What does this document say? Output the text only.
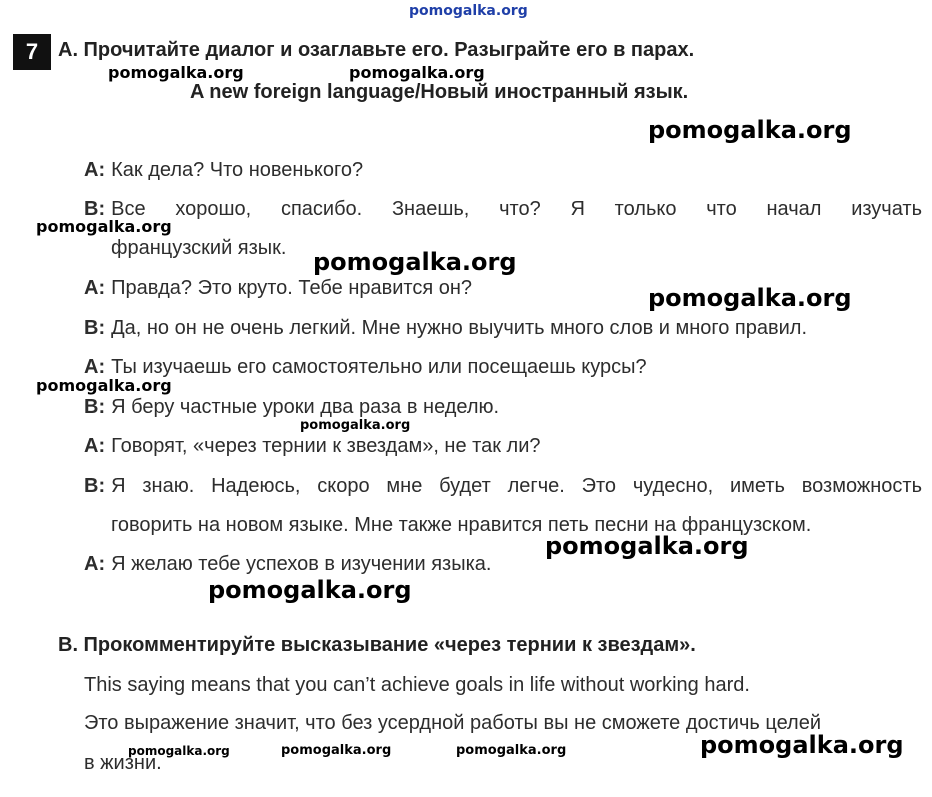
pomogalka.org
7 A. Прочитайте диалог и озаглавьте его. Разыграйте его в парах.
pomogalka.org	pomogalka.org
A new foreign language/Новый иностранный язык.
pomogalka.org
A: Как дела? Что новенького?
B: Все хорошо, спасибо. Знаешь, что? Я только что начал изучать
pomogalka.org
французский язык. pomogalka.org
A: Правда? Это круто. Тебе нравится он?	pomogalka.org
B: Да, но он не очень легкий. Мне нужно выучить много слов и много правил.
A: Ты изучаешь его самостоятельно или посещаешь курсы?
pomogalka.org
B: Я беру частные уроки два раза в неделю.
pomogalka.org
A: Говорят, «через тернии к звездам», не так ли?
B: Я знаю. Надеюсь, скоро мне будет легче. Это чудесно, иметь возможность
говорить на новом языке. Мне также нравится петь песни на французском.
pomogalka.org
A: Я желаю тебе успехов в изучении языка.
pomogalka.org
B. Прокомментируйте высказывание «через тернии к звездам».
This saying means that you can’t achieve goals in life without working hard.
Это выражение значит, что без усердной работы вы не сможете достичь целей
в жизни.
pomogalka.org	pomogalka.org	pomogalka.org	pomogalka.org
